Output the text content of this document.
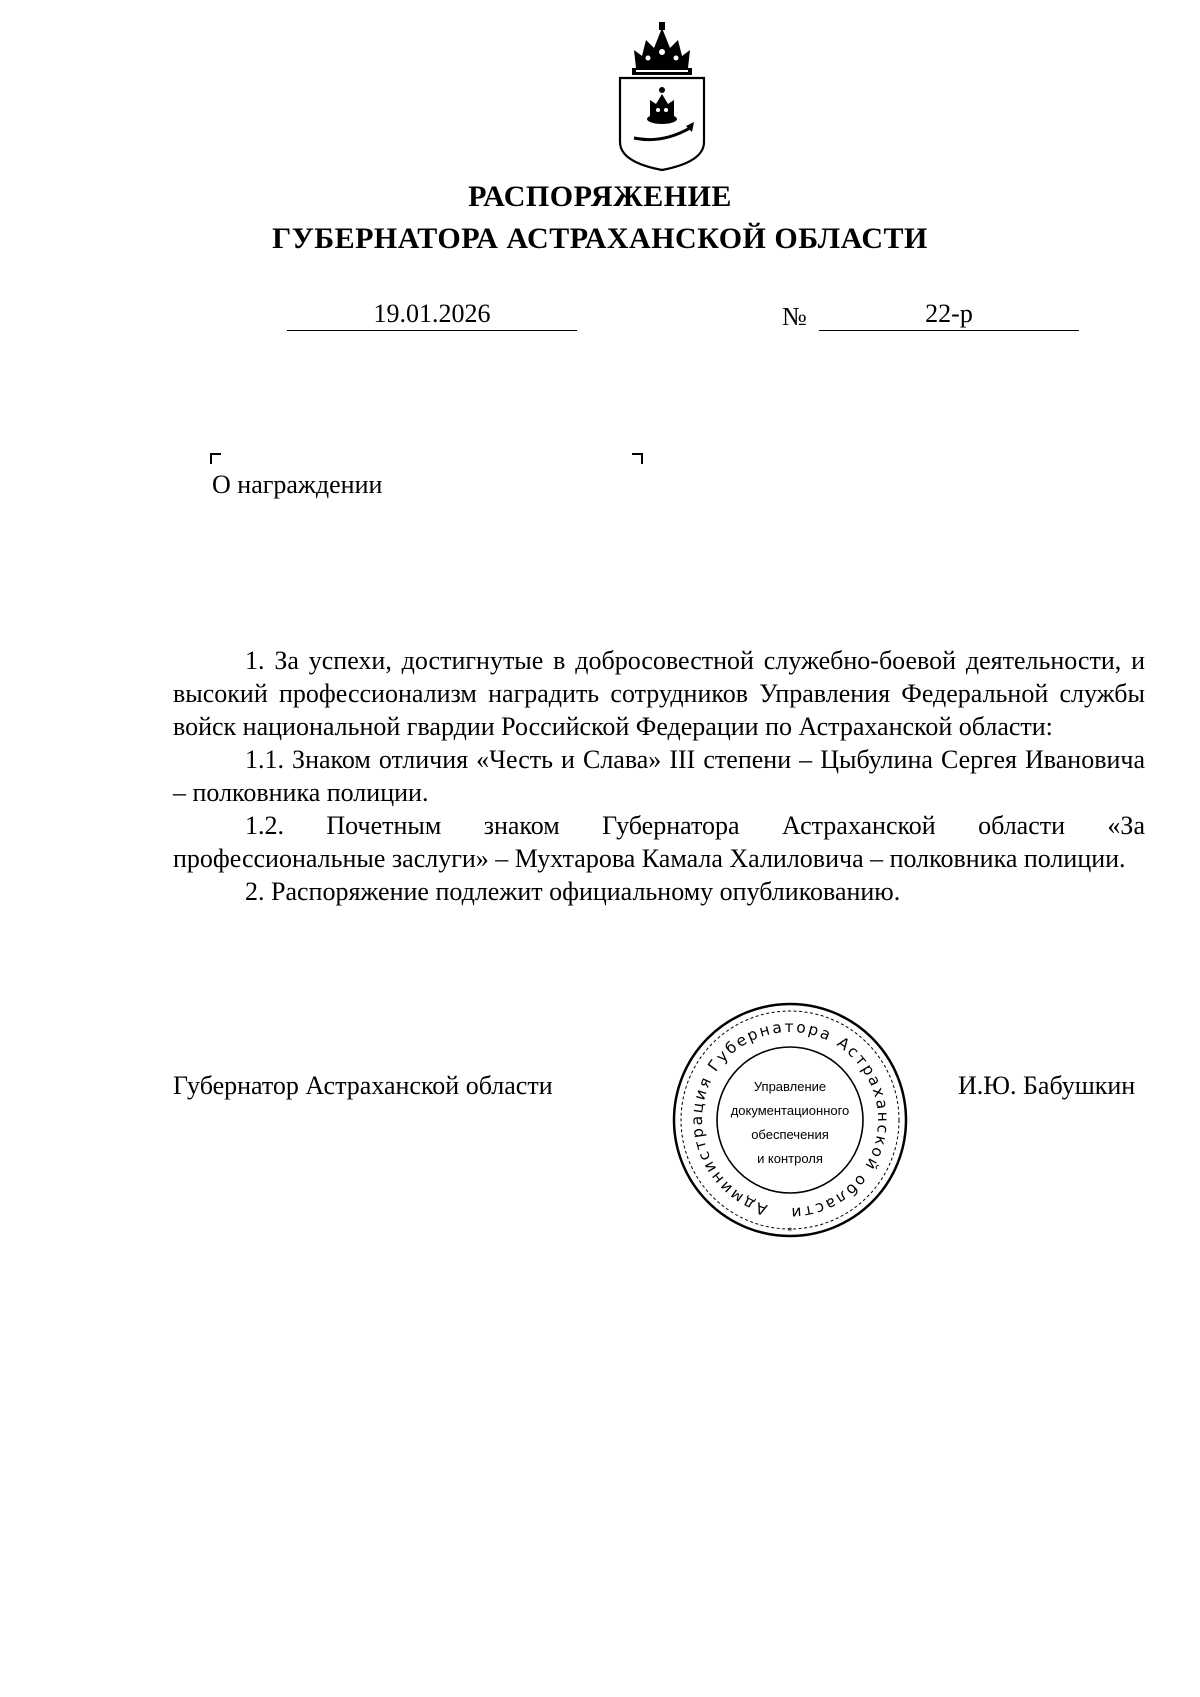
РАСПОРЯЖЕНИЕ
ГУБЕРНАТОРА АСТРАХАНСКОЙ ОБЛАСТИ
19.01.2026	№	22-р
О награждении

1. За успехи, достигнутые в добросовестной служебно-боевой деятельности, и высокий профессионализм наградить сотрудников Управления Федеральной службы войск национальной гвардии Российской Федерации по Астраханской области:

1.1. Знаком отличия «Честь и Слава» III степени – Цыбулина Сергея Ивановича – полковника полиции.

1.2. Почетным знаком Губернатора Астраханской области «За профессиональные заслуги» – Мухтарова Камала Халиловича – полковника полиции.

2. Распоряжение подлежит официальному опубликованию.

Губернатор Астраханской области	И.Ю. Бабушкин
Администрация Губернатора Астраханской области
*
Управление
документационного
обеспечения
и контроля
